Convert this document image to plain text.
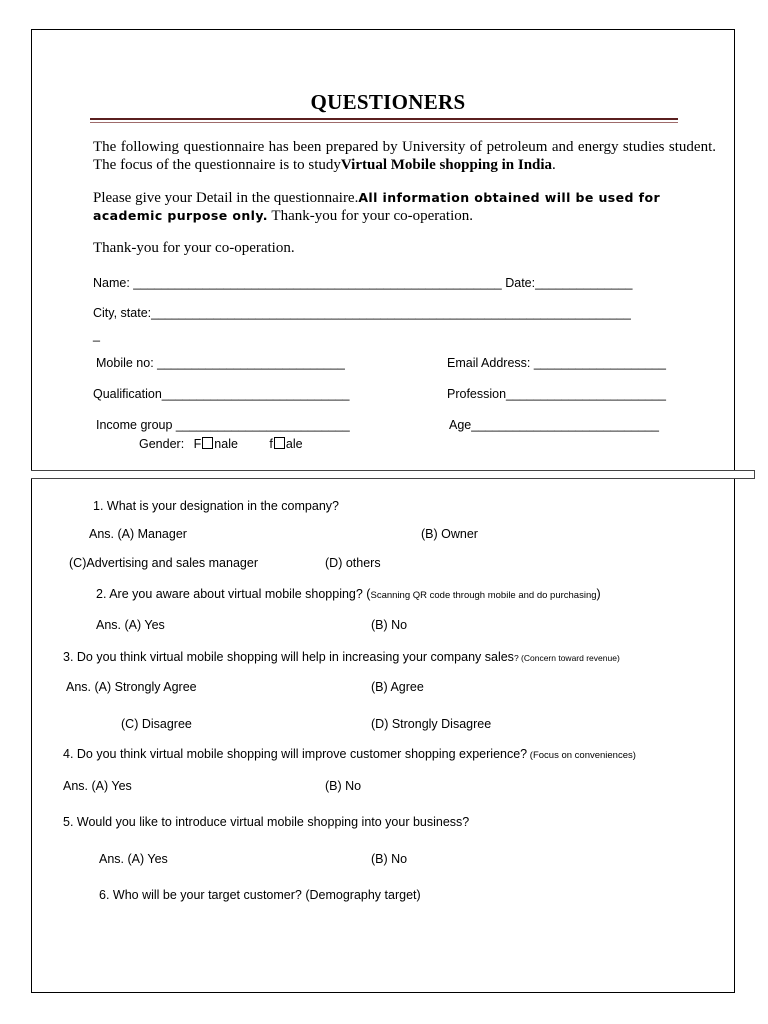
QUESTIONERS
The following questionnaire has been prepared by University of petroleum and energy studies student. The focus of the questionnaire is to studyVirtual Mobile shopping in India.
Please give your Detail in the questionnaire.All information obtained will be used for academic purpose only. Thank-you for your co-operation.
Thank-you for your co-operation.
Name: _____________________________________________________ Date:______________
City, state:_____________________________________________________________________
_
Mobile no: ___________________________	Email Address: ___________________
Qualification___________________________	Profession_______________________
Income group _________________________	Age___________________________
Gender: F nale	f ale
1. What is your designation in the company?
Ans. (A) Manager	(B) Owner
(C)Advertising and sales manager	(D) others
2. Are you aware about virtual mobile shopping? (Scanning QR code through mobile and do purchasing)
Ans. (A) Yes	(B) No
3. Do you think virtual mobile shopping will help in increasing your company sales? (Concern toward revenue)
Ans. (A) Strongly Agree	(B) Agree
(C) Disagree	(D) Strongly Disagree
4. Do you think virtual mobile shopping will improve customer shopping experience? (Focus on conveniences)
Ans. (A) Yes	(B) No
5. Would you like to introduce virtual mobile shopping into your business?
Ans. (A) Yes	(B) No
6. Who will be your target customer? (Demography target)
